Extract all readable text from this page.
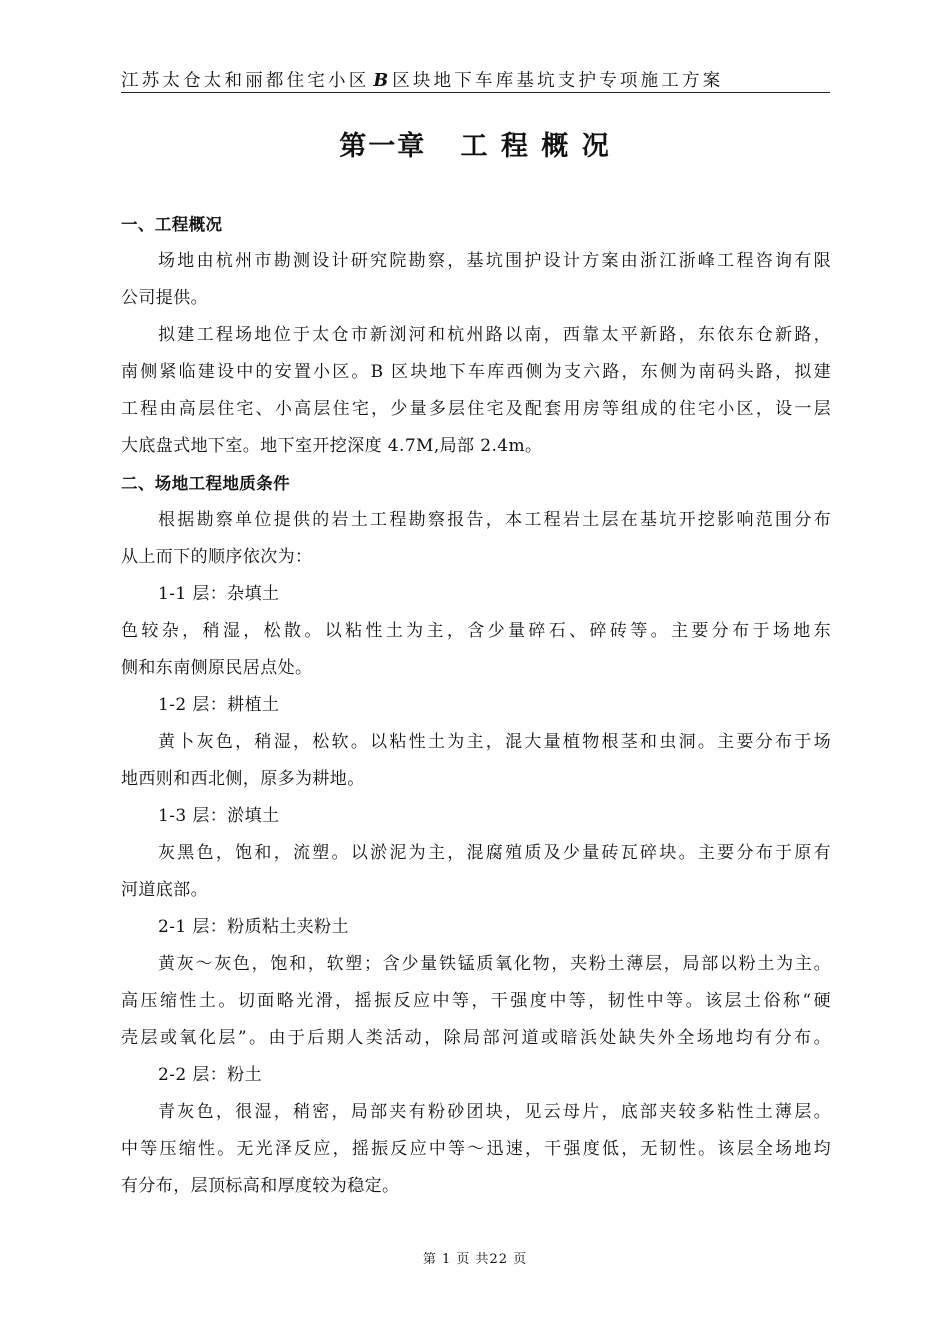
江苏太仓太和丽都住宅小区 B 区块地下车库基坑支护专项施工方案
第一章   工 程 概 况
一、工程概况
场地由杭州市勘测设计研究院勘察，基坑围护设计方案由浙江浙峰工程咨询有限
公司提供。
拟建工程场地位于太仓市新浏河和杭州路以南，西靠太平新路，东依东仓新路，
南侧紧临建设中的安置小区。B 区块地下车库西侧为支六路，东侧为南码头路，拟建
工程由高层住宅、小高层住宅，少量多层住宅及配套用房等组成的住宅小区，设一层
大底盘式地下室。地下室开挖深度 4.7M,局部 2.4m。
二、场地工程地质条件
根据勘察单位提供的岩土工程勘察报告，本工程岩土层在基坑开挖影响范围分布
从上而下的顺序依次为：
1-1 层：杂填土
色较杂，稍湿，松散。以粘性土为主，含少量碎石、碎砖等。主要分布于场地东
侧和东南侧原民居点处。
1-2 层：耕植土
黄卜灰色，稍湿，松软。以粘性土为主，混大量植物根茎和虫洞。主要分布于场
地西则和西北侧，原多为耕地。
1-3 层：淤填土
灰黑色，饱和，流塑。以淤泥为主，混腐殖质及少量砖瓦碎块。主要分布于原有
河道底部。
2-1 层：粉质粘土夹粉土
黄灰～灰色，饱和，软塑；含少量铁锰质氧化物，夹粉土薄层，局部以粉土为主。
高压缩性土。切面略光滑，摇振反应中等，干强度中等，韧性中等。该层土俗称“硬
壳层或氧化层”。由于后期人类活动，除局部河道或暗浜处缺失外全场地均有分布。
2-2 层：粉土
青灰色，很湿，稍密，局部夹有粉砂团块，见云母片，底部夹较多粘性土薄层。
中等压缩性。无光泽反应，摇振反应中等～迅速，干强度低，无韧性。该层全场地均
有分布，层顶标高和厚度较为稳定。
第 1 页 共22 页
